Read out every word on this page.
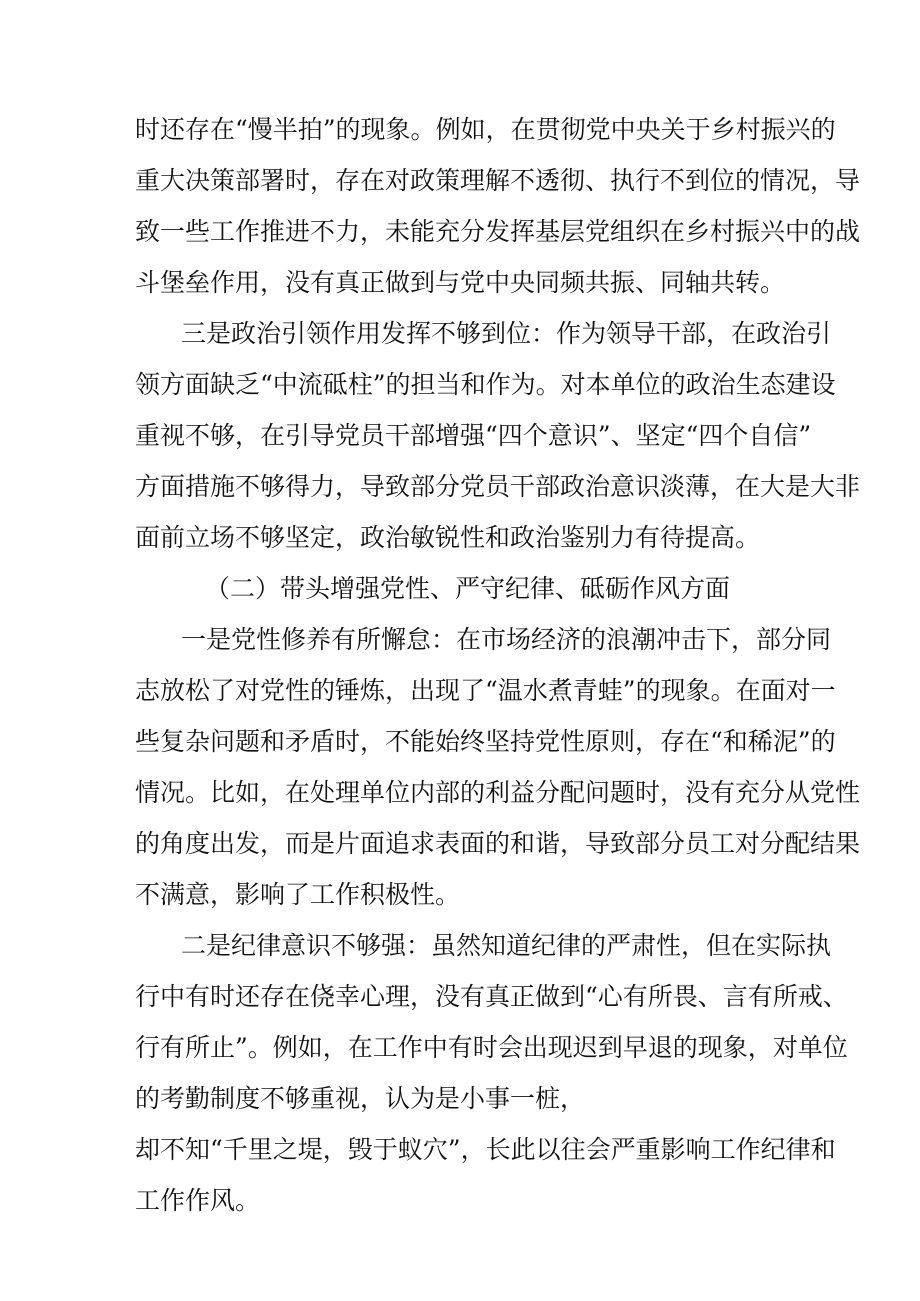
时还存在“慢半拍”的现象。例如，在贯彻党中央关于乡村振兴的
重大决策部署时，存在对政策理解不透彻、执行不到位的情况，导
致一些工作推进不力，未能充分发挥基层党组织在乡村振兴中的战
斗堡垒作用，没有真正做到与党中央同频共振、同轴共转。
三是政治引领作用发挥不够到位：作为领导干部，在政治引
领方面缺乏“中流砥柱”的担当和作为。对本单位的政治生态建设
重视不够，在引导党员干部增强“四个意识”、坚定“四个自信”
方面措施不够得力，导致部分党员干部政治意识淡薄，在大是大非
面前立场不够坚定，政治敏锐性和政治鉴别力有待提高。
（二）带头增强党性、严守纪律、砥砺作风方面
一是党性修养有所懈怠：在市场经济的浪潮冲击下，部分同
志放松了对党性的锤炼，出现了“温水煮青蛙”的现象。在面对一
些复杂问题和矛盾时，不能始终坚持党性原则，存在“和稀泥”的
情况。比如，在处理单位内部的利益分配问题时，没有充分从党性
的角度出发，而是片面追求表面的和谐，导致部分员工对分配结果
不满意，影响了工作积极性。
二是纪律意识不够强：虽然知道纪律的严肃性，但在实际执
行中有时还存在侥幸心理，没有真正做到“心有所畏、言有所戒、
行有所止”。例如，在工作中有时会出现迟到早退的现象，对单位
的考勤制度不够重视，认为是小事一桩，
却不知“千里之堤，毁于蚁穴”，长此以往会严重影响工作纪律和
工作作风。
